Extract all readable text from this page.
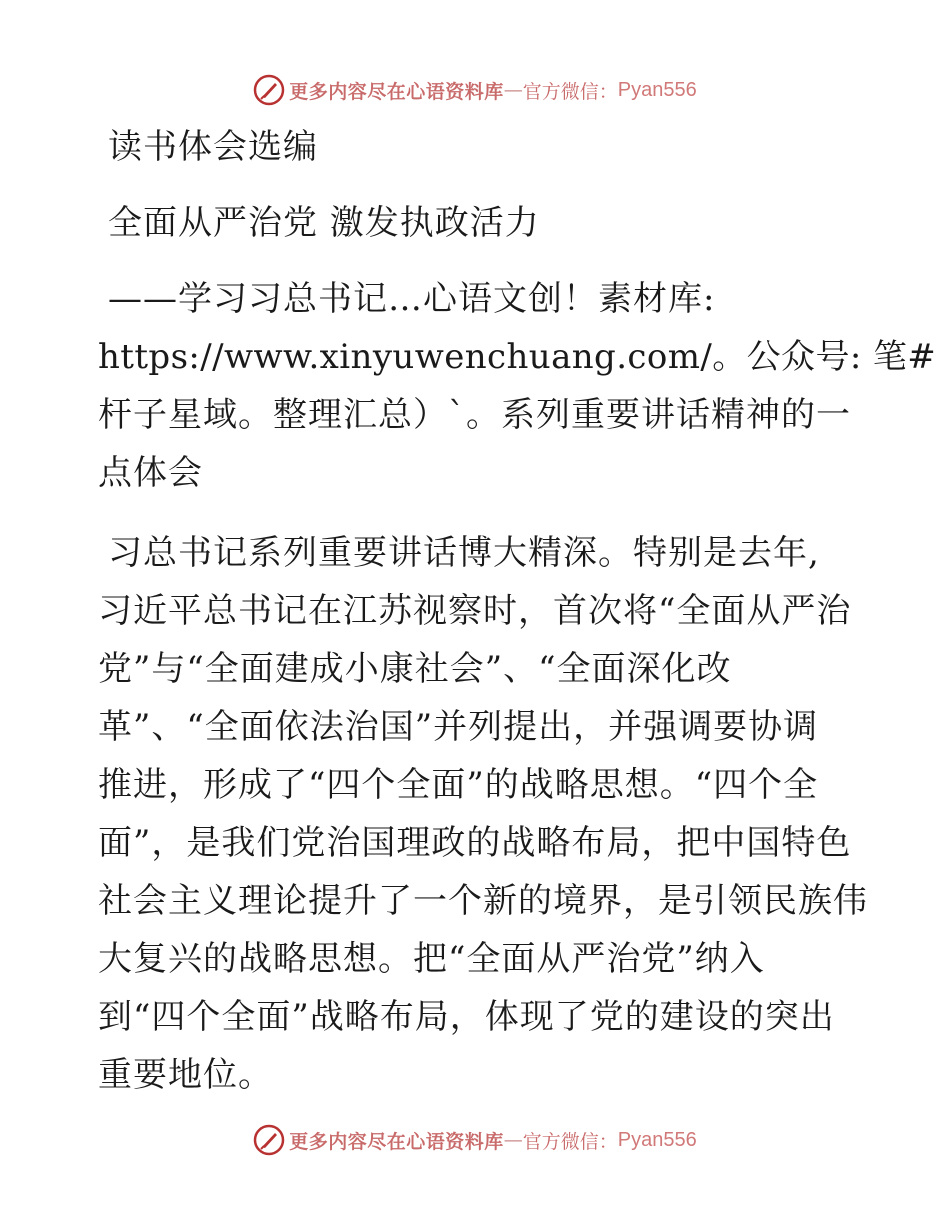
更多内容尽在心语资料库 — 官方微信： Pyan556
读书体会选编
全面从严治党 激发执政活力
——学习习总书记…心语文创！素材库:
https://www.xinyuwenchuang.com/。公众号: 笔#
杆子星域。整理汇总）`。系列重要讲话精神的一
点体会
习总书记系列重要讲话博大精深。特别是去年,
习近平总书记在江苏视察时，首次将“全面从严治
党”与“全面建成小康社会”、“全面深化改
革”、“全面依法治国”并列提出，并强调要协调
推进，形成了“四个全面”的战略思想。“四个全
面”，是我们党治国理政的战略布局，把中国特色
社会主义理论提升了一个新的境界，是引领民族伟
大复兴的战略思想。把“全面从严治党”纳入
到“四个全面”战略布局，体现了党的建设的突出
重要地位。
更多内容尽在心语资料库 — 官方微信： Pyan556
